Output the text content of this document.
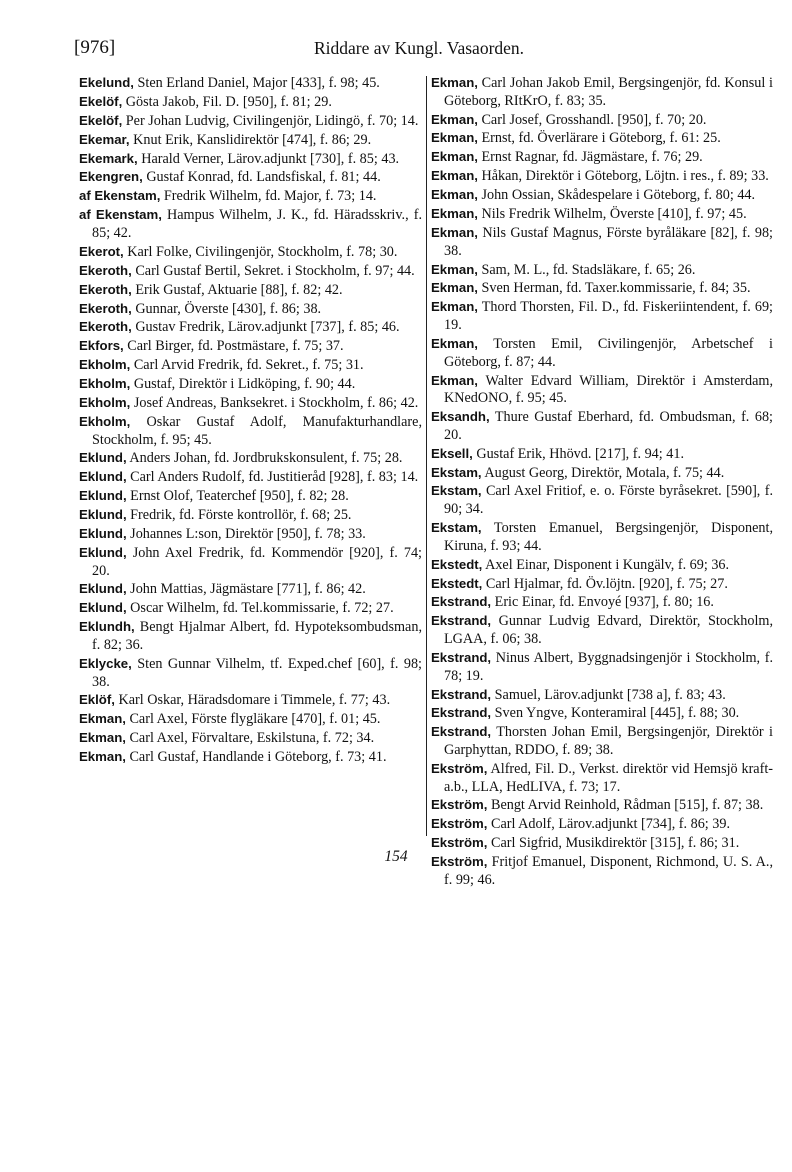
[976]	Riddare av Kungl. Vasaorden.
Ekelund, Sten Erland Daniel, Major [433], f. 98; 45.
Ekelöf, Gösta Jakob, Fil. D. [950], f. 81; 29.
Ekelöf, Per Johan Ludvig, Civilingenjör, Lidingö, f. 70; 14.
Ekemar, Knut Erik, Kanslidirektör [474], f. 86; 29.
Ekemark, Harald Verner, Lärov.adjunkt [730], f. 85; 43.
Ekengren, Gustaf Konrad, fd. Landsfiskal, f. 81; 44.
af Ekenstam, Fredrik Wilhelm, fd. Major, f. 73; 14.
af Ekenstam, Hampus Wilhelm, J. K., fd. Häradsskriv., f. 85; 42.
Ekerot, Karl Folke, Civilingenjör, Stockholm, f. 78; 30.
Ekeroth, Carl Gustaf Bertil, Sekret. i Stockholm, f. 97; 44.
Ekeroth, Erik Gustaf, Aktuarie [88], f. 82; 42.
Ekeroth, Gunnar, Överste [430], f. 86; 38.
Ekeroth, Gustav Fredrik, Lärov.adjunkt [737], f. 85; 46.
Ekfors, Carl Birger, fd. Postmästare, f. 75; 37.
Ekholm, Carl Arvid Fredrik, fd. Sekret., f. 75; 31.
Ekholm, Gustaf, Direktör i Lidköping, f. 90; 44.
Ekholm, Josef Andreas, Banksekret. i Stockholm, f. 86; 42.
Ekholm, Oskar Gustaf Adolf, Manufakturhandlare, Stockholm, f. 95; 45.
Eklund, Anders Johan, fd. Jordbrukskonsulent, f. 75; 28.
Eklund, Carl Anders Rudolf, fd. Justitieråd [928], f. 83; 14.
Eklund, Ernst Olof, Teaterchef [950], f. 82; 28.
Eklund, Fredrik, fd. Förste kontrollör, f. 68; 25.
Eklund, Johannes L:son, Direktör [950], f. 78; 33.
Eklund, John Axel Fredrik, fd. Kommendör [920], f. 74; 20.
Eklund, John Mattias, Jägmästare [771], f. 86; 42.
Eklund, Oscar Wilhelm, fd. Tel.kommissarie, f. 72; 27.
Eklundh, Bengt Hjalmar Albert, fd. Hypoteksombudsman, f. 82; 36.
Eklycke, Sten Gunnar Vilhelm, tf. Exped.chef [60], f. 98; 38.
Eklöf, Karl Oskar, Häradsdomare i Timmele, f. 77; 43.
Ekman, Carl Axel, Förste flygläkare [470], f. 01; 45.
Ekman, Carl Axel, Förvaltare, Eskilstuna, f. 72; 34.
Ekman, Carl Gustaf, Handlande i Göteborg, f. 73; 41.
Ekman, Carl Johan Jakob Emil, Bergsingenjör, fd. Konsul i Göteborg, RItKrO, f. 83; 35.
Ekman, Carl Josef, Grosshandl. [950], f. 70; 20.
Ekman, Ernst, fd. Överlärare i Göteborg, f. 61: 25.
Ekman, Ernst Ragnar, fd. Jägmästare, f. 76; 29.
Ekman, Håkan, Direktör i Göteborg, Löjtn. i res., f. 89; 33.
Ekman, John Ossian, Skådespelare i Göteborg, f. 80; 44.
Ekman, Nils Fredrik Wilhelm, Överste [410], f. 97; 45.
Ekman, Nils Gustaf Magnus, Förste byråläkare [82], f. 98; 38.
Ekman, Sam, M. L., fd. Stadsläkare, f. 65; 26.
Ekman, Sven Herman, fd. Taxer.kommissarie, f. 84; 35.
Ekman, Thord Thorsten, Fil. D., fd. Fiskeriintendent, f. 69; 19.
Ekman, Torsten Emil, Civilingenjör, Arbetschef i Göteborg, f. 87; 44.
Ekman, Walter Edvard William, Direktör i Amsterdam, KNedONO, f. 95; 45.
Eksandh, Thure Gustaf Eberhard, fd. Ombudsman, f. 68; 20.
Eksell, Gustaf Erik, Hhövd. [217], f. 94; 41.
Ekstam, August Georg, Direktör, Motala, f. 75; 44.
Ekstam, Carl Axel Fritiof, e. o. Förste byråsekret. [590], f. 90; 34.
Ekstam, Torsten Emanuel, Bergsingenjör, Disponent, Kiruna, f. 93; 44.
Ekstedt, Axel Einar, Disponent i Kungälv, f. 69; 36.
Ekstedt, Carl Hjalmar, fd. Öv.löjtn. [920], f. 75; 27.
Ekstrand, Eric Einar, fd. Envoyé [937], f. 80; 16.
Ekstrand, Gunnar Ludvig Edvard, Direktör, Stockholm, LGAA, f. 06; 38.
Ekstrand, Ninus Albert, Byggnadsingenjör i Stockholm, f. 78; 19.
Ekstrand, Samuel, Lärov.adjunkt [738 a], f. 83; 43.
Ekstrand, Sven Yngve, Konteramiral [445], f. 88; 30.
Ekstrand, Thorsten Johan Emil, Bergsingenjör, Direktör i Garphyttan, RDDO, f. 89; 38.
Ekström, Alfred, Fil. D., Verkst. direktör vid Hemsjö kraft-a.b., LLA, HedLIVA, f. 73; 17.
Ekström, Bengt Arvid Reinhold, Rådman [515], f. 87; 38.
Ekström, Carl Adolf, Lärov.adjunkt [734], f. 86; 39.
Ekström, Carl Sigfrid, Musikdirektör [315], f. 86; 31.
Ekström, Fritjof Emanuel, Disponent, Richmond, U. S. A., f. 99; 46.
154
